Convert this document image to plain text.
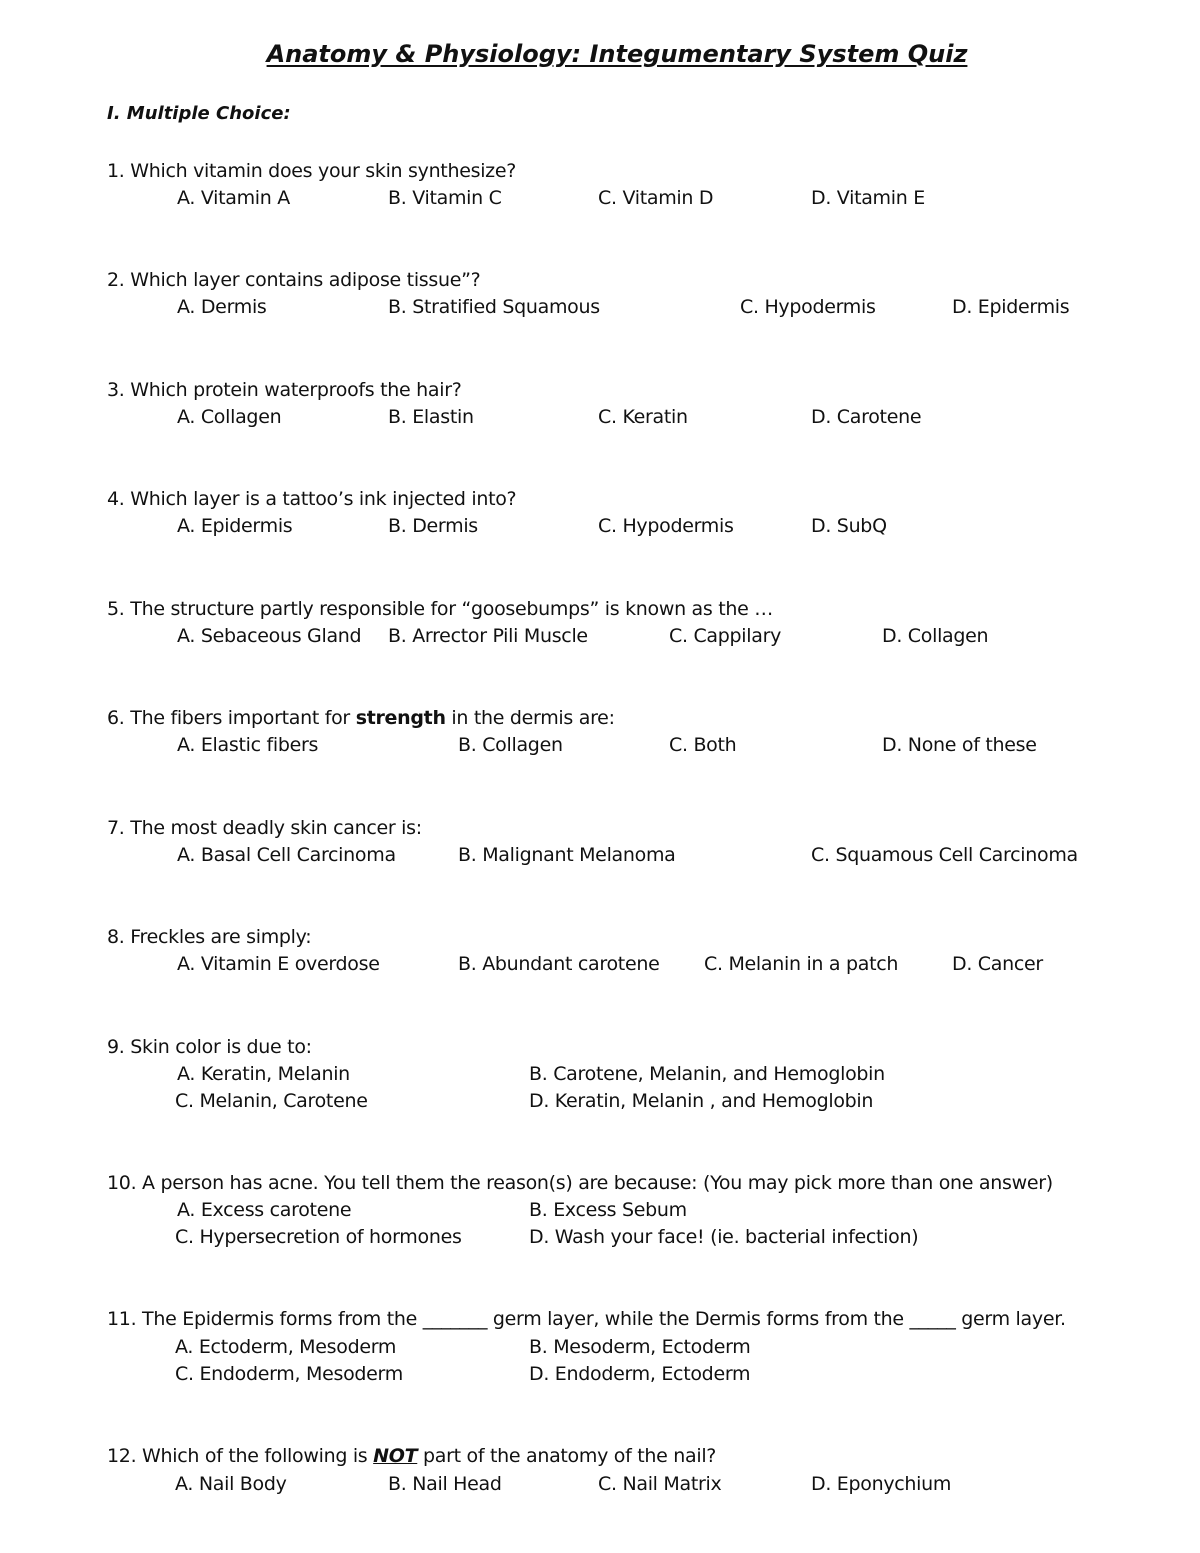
Anatomy & Physiology: Integumentary System Quiz
I. Multiple Choice:
1. Which vitamin does your skin synthesize?
A. Vitamin A	B. Vitamin C	C. Vitamin D	D. Vitamin E
2. Which layer contains adipose tissue”?
A. Dermis	B. Stratified Squamous	C. Hypodermis	D. Epidermis
3. Which protein waterproofs the hair?
A. Collagen	B. Elastin	C. Keratin	D. Carotene
4. Which layer is a tattoo’s ink injected into?
A. Epidermis	B. Dermis	C. Hypodermis	D. SubQ
5. The structure partly responsible for “goosebumps” is known as the …
A. Sebaceous Gland B. Arrector Pili Muscle	C. Cappilary	D. Collagen
6. The fibers important for strength in the dermis are:
A. Elastic fibers	B. Collagen	C. Both	D. None of these
7. The most deadly skin cancer is:
A. Basal Cell Carcinoma	B. Malignant Melanoma	C. Squamous Cell Carcinoma
8. Freckles are simply:
A. Vitamin E overdose	B. Abundant carotene C. Melanin in a patch	D. Cancer
9. Skin color is due to:
A. Keratin, Melanin	B. Carotene, Melanin, and Hemoglobin
C. Melanin, Carotene	D. Keratin, Melanin , and Hemoglobin
10. A person has acne. You tell them the reason(s) are because: (You may pick more than one answer)
A. Excess carotene	B. Excess Sebum
C. Hypersecretion of hormones	D. Wash your face! (ie. bacterial infection)
11. The Epidermis forms from the _______ germ layer, while the Dermis forms from the _____ germ layer.
A. Ectoderm, Mesoderm	B. Mesoderm, Ectoderm
C. Endoderm, Mesoderm	D. Endoderm, Ectoderm
12. Which of the following is NOT part of the anatomy of the nail?
A. Nail Body	B. Nail Head	C. Nail Matrix	D. Eponychium
